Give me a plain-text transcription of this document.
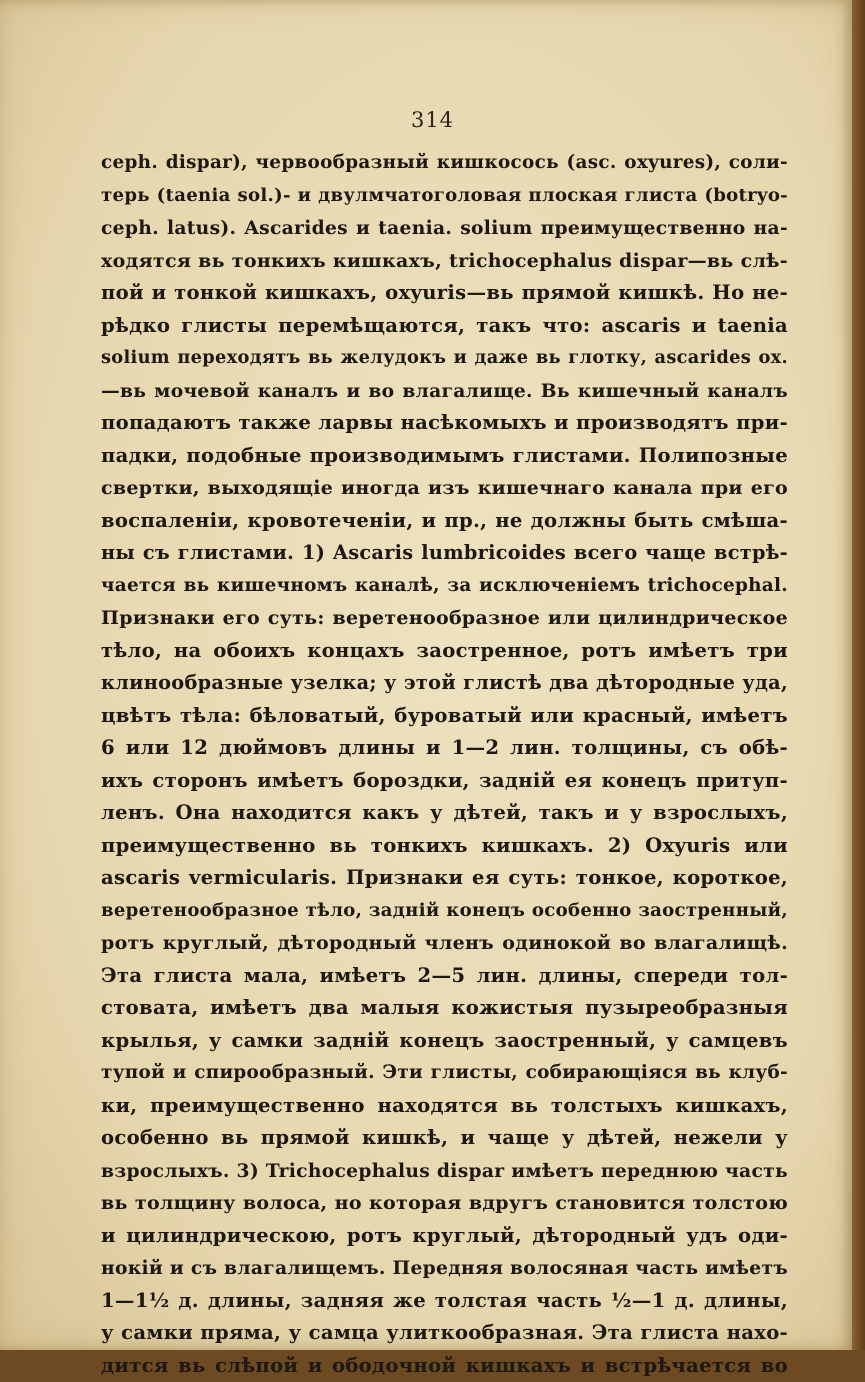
314
ceph. dispar), червообразный кишкосось (asc. oxyures), соли-
терь (taenia sol.)- и двулмчатоголовая плоская глиста (botryo-
ceph. latus). Ascarides и taenia. solium преимущественно на-
ходятся вь тонкихъ кишкахъ, trichocephalus dispar—вь слѣ-
пой и тонкой кишкахъ, oxyuris—вь прямой кишкѣ. Но не-
рѣдко глисты перемѣщаются, такъ что: ascaris и taenia
solium переходятъ вь желудокъ и даже вь глотку, ascarides ox.
—вь мочевой каналъ и во влагалище. Вь кишечный каналъ
попадаютъ также ларвы насѣкомыхъ и производятъ при-
падки, подобные производимымъ глистами. Полипозные
свертки, выходящіе иногда изъ кишечнаго канала при его
воспаленіи, кровотеченіи, и пр., не должны быть смѣша-
ны съ глистами. 1) Ascaris lumbricoides всего чаще встрѣ-
чается вь кишечномъ каналѣ, за исключеніемъ trichocephal.
Признаки его суть: веретенообразное или цилиндрическое
тѣло, на обоихъ концахъ заостренное, ротъ имѣетъ три
клинообразные узелка; у этой глистѣ два дѣтородные уда,
цвѣтъ тѣла: бѣловатый, буроватый или красный, имѣетъ
6 или 12 дюймовъ длины и 1—2 лин. толщины, съ обѣ-
ихъ сторонъ имѣетъ бороздки, задній ея конецъ притуп-
ленъ. Она находится какъ у дѣтей, такъ и у взрослыхъ,
преимущественно вь тонкихъ кишкахъ. 2) Oxyuris или
ascaris vermicularis. Признаки ея суть: тонкое, короткое,
веретенообразное тѣло, задній конецъ особенно заостренный,
ротъ круглый, дѣтородный членъ одинокой во влагалищѣ.
Эта глиста мала, имѣетъ 2—5 лин. длины, спереди тол-
стовата, имѣетъ два малыя кожистыя пузыреобразныя
крылья, у самки задній конецъ заостренный, у самцевъ
тупой и спирообразный. Эти глисты, собирающіяся вь клуб-
ки, преимущественно находятся вь толстыхъ кишкахъ,
особенно вь прямой кишкѣ, и чаще у дѣтей, нежели у
взрослыхъ. 3) Trichocephalus dispar имѣетъ переднюю часть
вь толщину волоса, но которая вдругъ становится толстою
и цилиндрическою, ротъ круглый, дѣтородный удъ оди-
нокій и съ влагалищемъ. Передняя волосяная часть имѣетъ
1—1½ д. длины, задняя же толстая часть ½—1 д. длины,
у самки пряма, у самца улиткообразная. Эта глиста нахо-
дится вь слѣпой и ободочной кишкахъ и встрѣчается во
